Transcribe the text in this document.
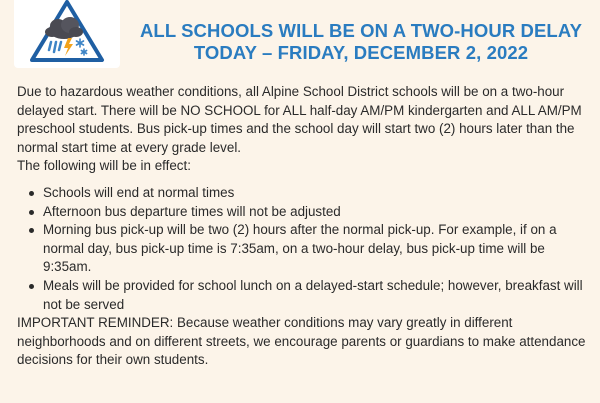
ALL SCHOOLS WILL BE ON A TWO-HOUR DELAY
TODAY – FRIDAY, DECEMBER 2, 2022

Due to hazardous weather conditions, all Alpine School District schools will be on a two-hour delayed start. There will be NO SCHOOL for ALL half-day AM/PM kindergarten and ALL AM/PM preschool students. Bus pick-up times and the school day will start two (2) hours later than the normal start time at every grade level.

The following will be in effect:

Schools will end at normal times
Afternoon bus departure times will not be adjusted
Morning bus pick-up will be two (2) hours after the normal pick-up. For example, if on a normal day, bus pick-up time is 7:35am, on a two-hour delay, bus pick-up time will be 9:35am.
Meals will be provided for school lunch on a delayed-start schedule; however, breakfast will not be served

IMPORTANT REMINDER: Because weather conditions may vary greatly in different neighborhoods and on different streets, we encourage parents or guardians to make attendance decisions for their own students.
